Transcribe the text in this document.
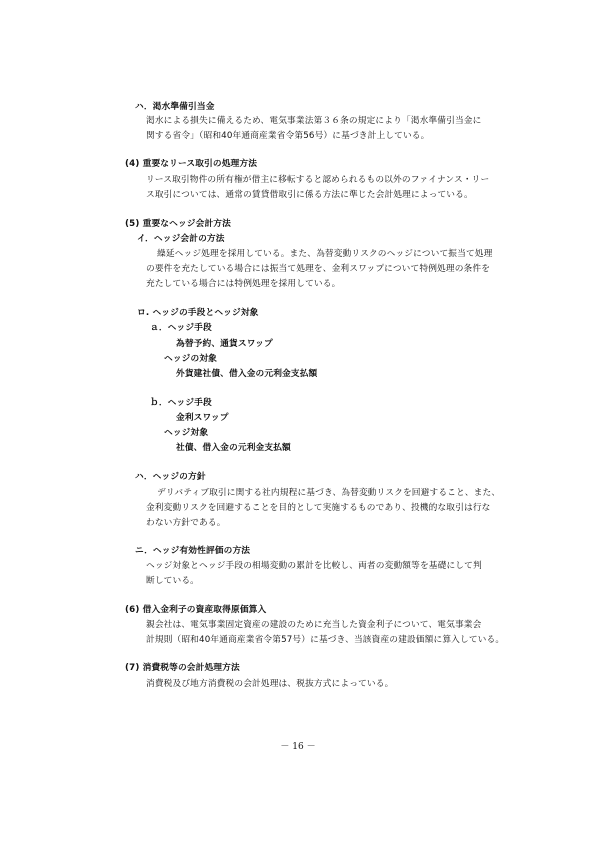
ハ．渇水準備引当金
渇水による損失に備えるため、電気事業法第３６条の規定により「渇水準備引当金に
関する省令」（昭和40年通商産業省令第56号）に基づき計上している。
(4) 重要なリース取引の処理方法
リース取引物件の所有権が借主に移転すると認められるもの以外のファイナンス・リー
ス取引については、通常の賃貸借取引に係る方法に準じた会計処理によっている。
(5) 重要なヘッジ会計方法
イ．ヘッジ会計の方法
繰延ヘッジ処理を採用している。また、為替変動リスクのヘッジについて振当て処理
の要件を充たしている場合には振当て処理を、金利スワップについて特例処理の条件を
充たしている場合には特例処理を採用している。
ロ. ヘッジの手段とヘッジ対象
ａ．ヘッジ手段
為替予約、通貨スワップ
ヘッジの対象
外貨建社債、借入金の元利金支払額
ｂ．ヘッジ手段
金利スワップ
ヘッジ対象
社債、借入金の元利金支払額
ハ．ヘッジの方針
デリバティブ取引に関する社内規程に基づき、為替変動リスクを回避すること、また、
金利変動リスクを回避することを目的として実施するものであり、投機的な取引は行な
わない方針である。
ニ．ヘッジ有効性評価の方法
ヘッジ対象とヘッジ手段の相場変動の累計を比較し、両者の変動額等を基礎にして判
断している。
(6) 借入金利子の資産取得原価算入
親会社は、電気事業固定資産の建設のために充当した資金利子について、電気事業会
計規則（昭和40年通商産業省令第57号）に基づき、当該資産の建設価額に算入している。
(7) 消費税等の会計処理方法
消費税及び地方消費税の会計処理は、税抜方式によっている。
－ 16 －
